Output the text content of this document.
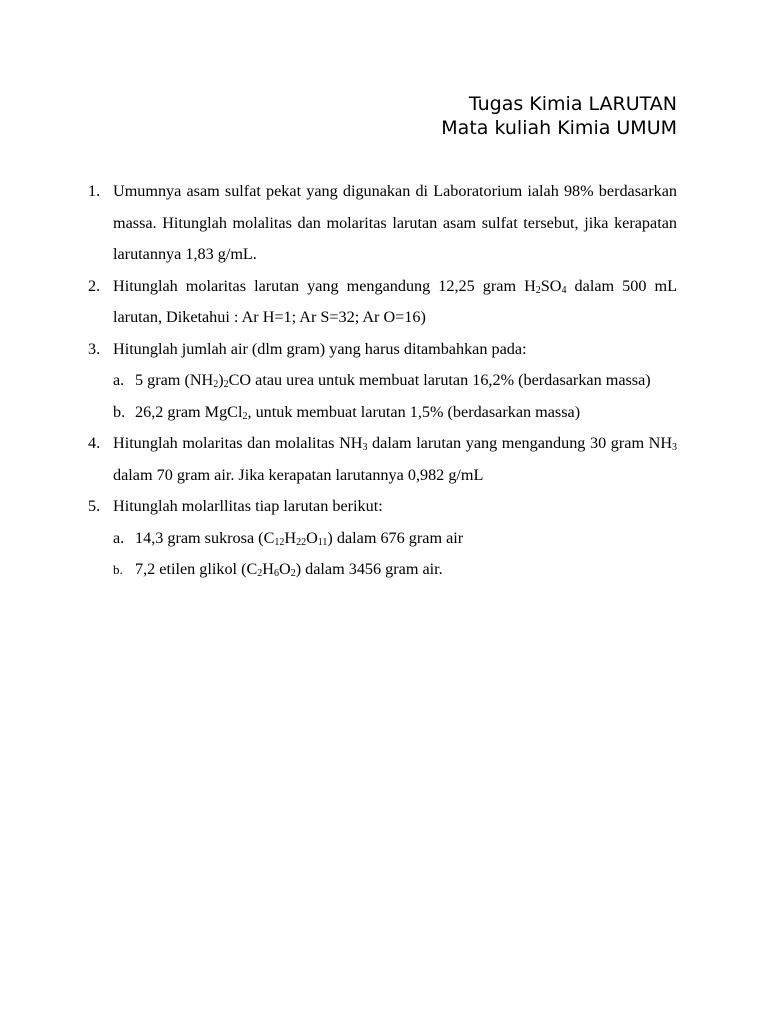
Tugas Kimia LARUTAN
Mata kuliah Kimia UMUM
1. Umumnya asam sulfat pekat yang digunakan di Laboratorium ialah 98% berdasarkan massa. Hitunglah molalitas dan molaritas larutan asam sulfat tersebut, jika kerapatan larutannya 1,83 g/mL.
2. Hitunglah molaritas larutan yang mengandung 12,25 gram $H_2SO_4$ dalam 500 mL larutan, Diketahui : Ar H=1; Ar S=32; Ar O=16)
3. Hitunglah jumlah air (dlm gram) yang harus ditambahkan pada:
a. 5 gram $(NH_2)_2CO$ atau urea untuk membuat larutan 16,2% (berdasarkan massa)
b. 26,2 gram MgCl$_2$, untuk membuat larutan 1,5% (berdasarkan massa)
4. Hitunglah molaritas dan molalitas $NH_3$ dalam larutan yang mengandung 30 gram $NH_3$ dalam 70 gram air. Jika kerapatan larutannya 0,982 g/mL
5. Hitunglah molarllitas tiap larutan berikut:
a. 14,3 gram sukrosa $(C_{12}H_{22}O_{11})$ dalam 676 gram air
b. 7,2 etilen glikol $(C_2H_6O_2)$ dalam 3456 gram air.
